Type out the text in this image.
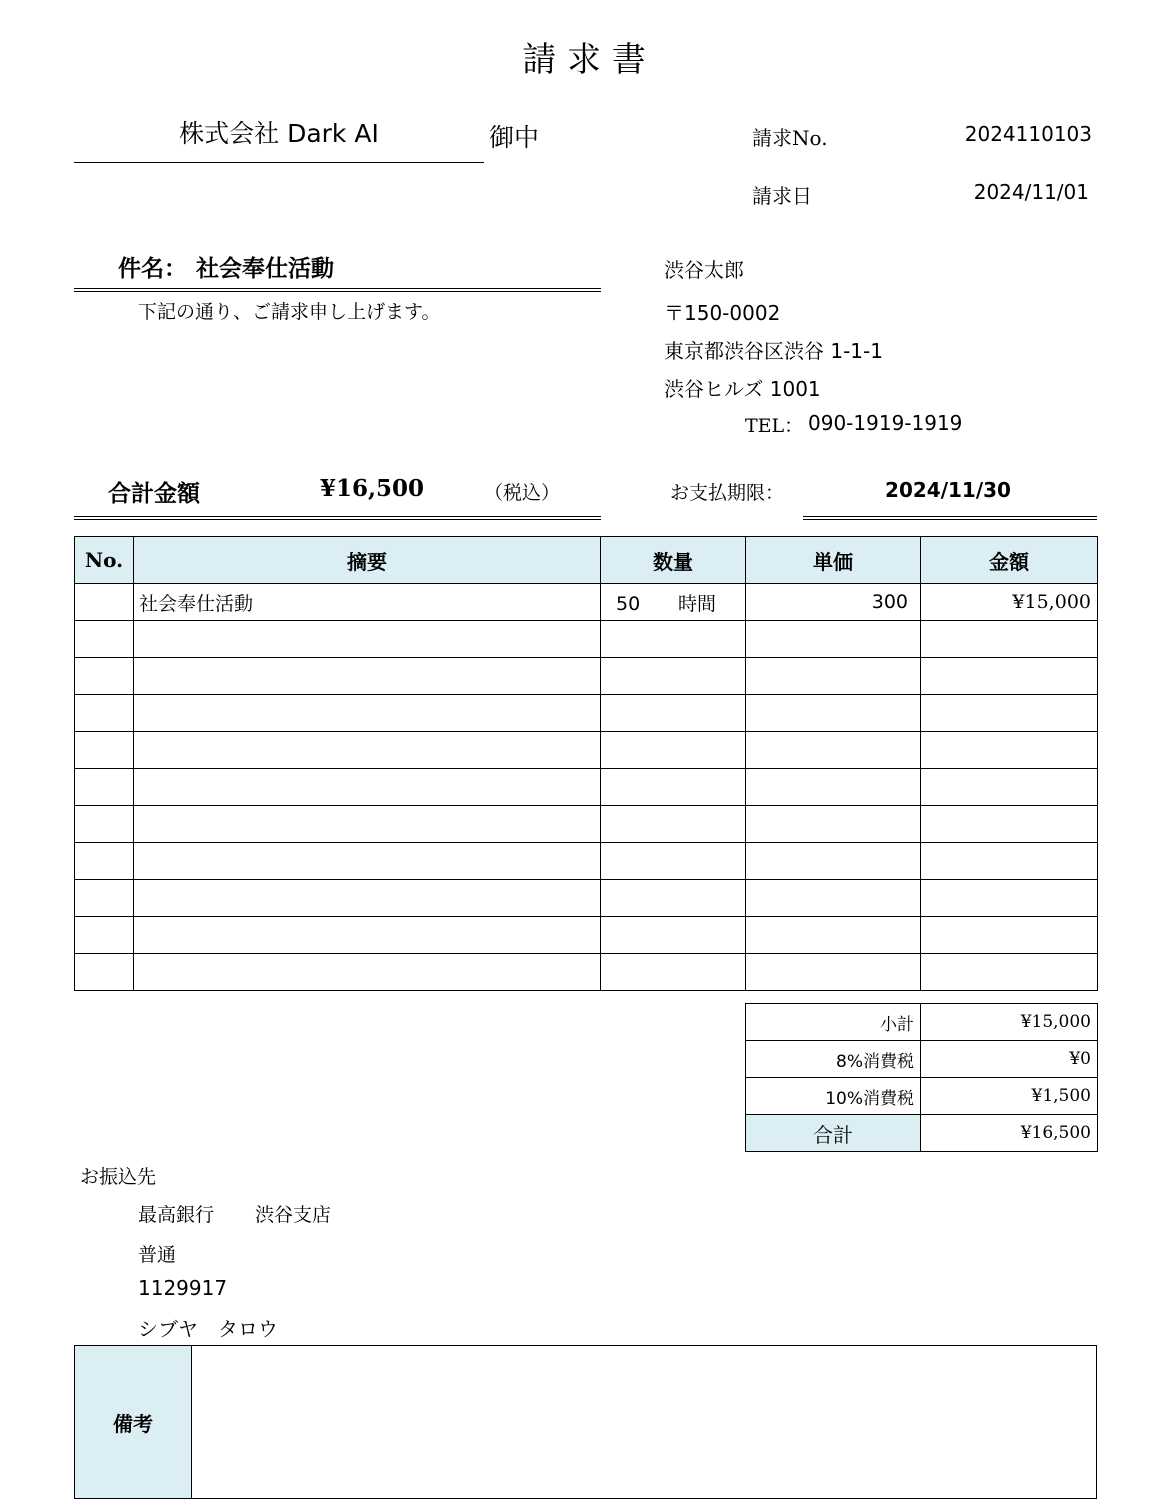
請 求 書
株式会社 Dark AI	御中	請求No.	2024110103
請求日	2024/11/01
件名： 社会奉仕活動
下記の通り、ご請求申し上げます。
渋谷太郎
〒150-0002
東京都渋谷区渋谷 1-1-1
渋谷ヒルズ 1001
TEL： 090-1919-1919
合計金額	¥16,500	（税込）	お支払期限：	2024/11/30
No.	摘要	数量	単価	金額
	社会奉仕活動	50 時間	300	¥15,000

小計	¥15,000
8%消費税	¥0
10%消費税	¥1,500
合計	¥16,500
お振込先
最高銀行 渋谷支店
普通
1129917
シブヤ　タロウ
備考
